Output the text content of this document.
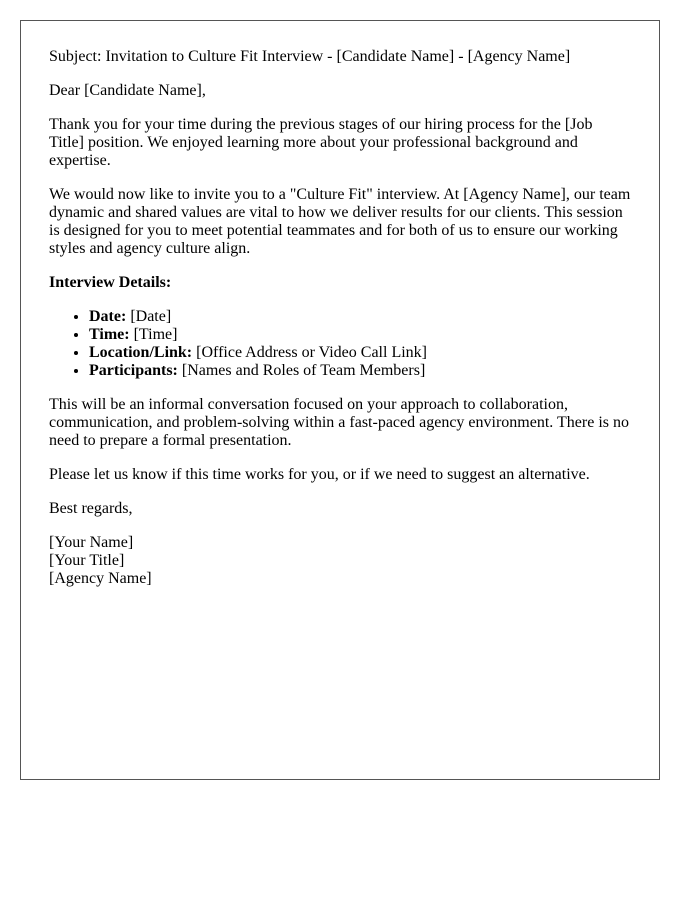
Subject: Invitation to Culture Fit Interview - [Candidate Name] - [Agency Name]

Dear [Candidate Name],

Thank you for your time during the previous stages of our hiring process for the [Job Title] position. We enjoyed learning more about your professional background and expertise.

We would now like to invite you to a "Culture Fit" interview. At [Agency Name], our team dynamic and shared values are vital to how we deliver results for our clients. This session is designed for you to meet potential teammates and for both of us to ensure our working styles and agency culture align.

Interview Details:

• Date: [Date]
• Time: [Time]
• Location/Link: [Office Address or Video Call Link]
• Participants: [Names and Roles of Team Members]

This will be an informal conversation focused on your approach to collaboration, communication, and problem-solving within a fast-paced agency environment. There is no need to prepare a formal presentation.

Please let us know if this time works for you, or if we need to suggest an alternative.

Best regards,

[Your Name]
[Your Title]
[Agency Name]
